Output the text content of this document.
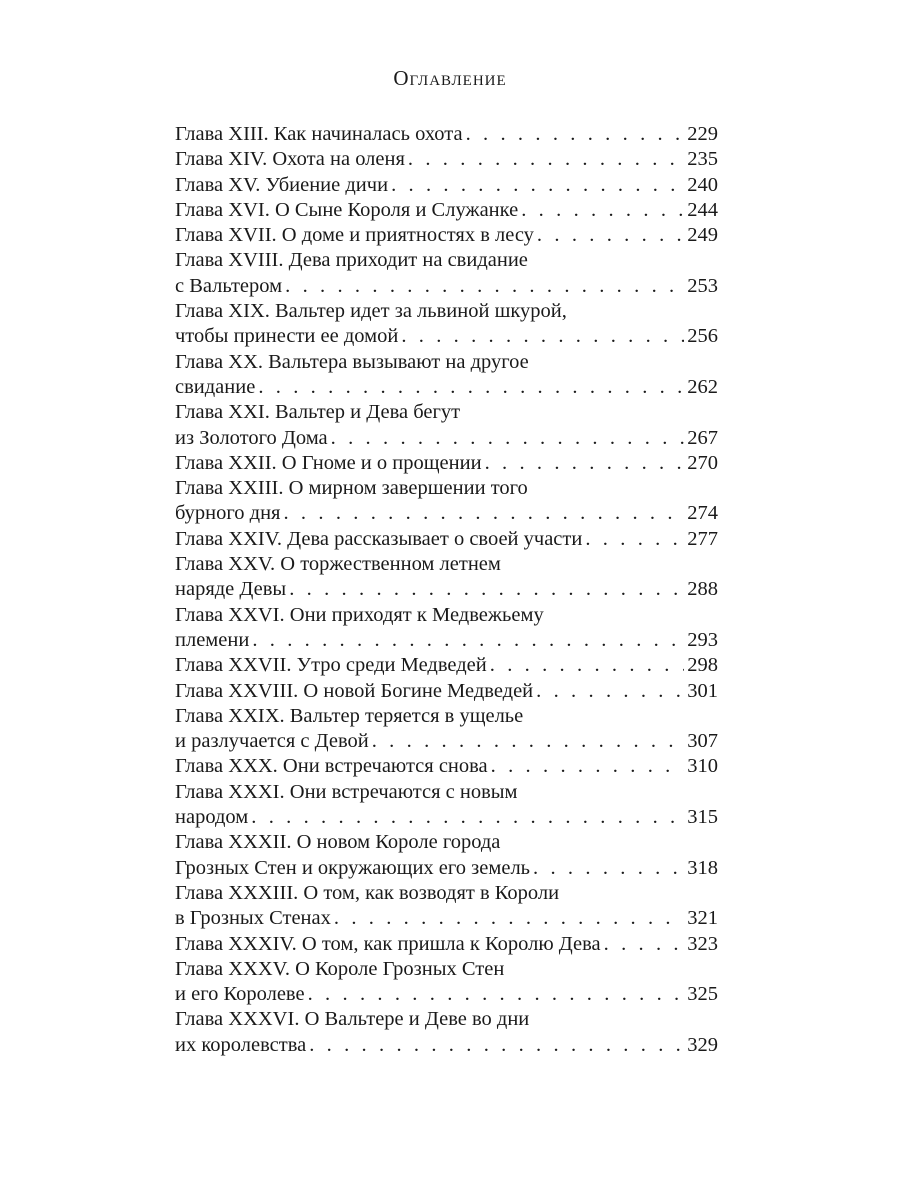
Оглавление
Глава XIII. Как начиналась охота . . .	229
Глава XIV. Охота на оленя . . .	235
Глава XV. Убиение дичи . . .	240
Глава XVI. О Сыне Короля и Служанке . . .	244
Глава XVII. О доме и приятностях в лесу . . .	249
Глава XVIII. Дева приходит на свидание
с Вальтером . . .	253
Глава XIX. Вальтер идет за львиной шкурой,
чтобы принести ее домой . . .	256
Глава XX. Вальтера вызывают на другое
свидание . . .	262
Глава XXI. Вальтер и Дева бегут
из Золотого Дома . . .	267
Глава XXII. О Гноме и о прощении . . .	270
Глава XXIII. О мирном завершении того
бурного дня . . .	274
Глава XXIV. Дева рассказывает о своей участи . . .	277
Глава XXV. О торжественном летнем
наряде Девы . . .	288
Глава XXVI. Они приходят к Медвежьему
племени . . .	293
Глава XXVII. Утро среди Медведей . . .	298
Глава XXVIII. О новой Богине Медведей . . .	301
Глава XXIX. Вальтер теряется в ущелье
и разлучается с Девой . . .	307
Глава XXX. Они встречаются снова . . .	310
Глава XXXI. Они встречаются с новым
народом . . .	315
Глава XXXII. О новом Короле города
Грозных Стен и окружающих его земель . . .	318
Глава XXXIII. О том, как возводят в Короли
в Грозных Стенах . . .	321
Глава XXXIV. О том, как пришла к Королю Дева . . .	323
Глава XXXV. О Короле Грозных Стен
и его Королеве . . .	325
Глава XXXVI. О Вальтере и Деве во дни
их королевства . . .	329
